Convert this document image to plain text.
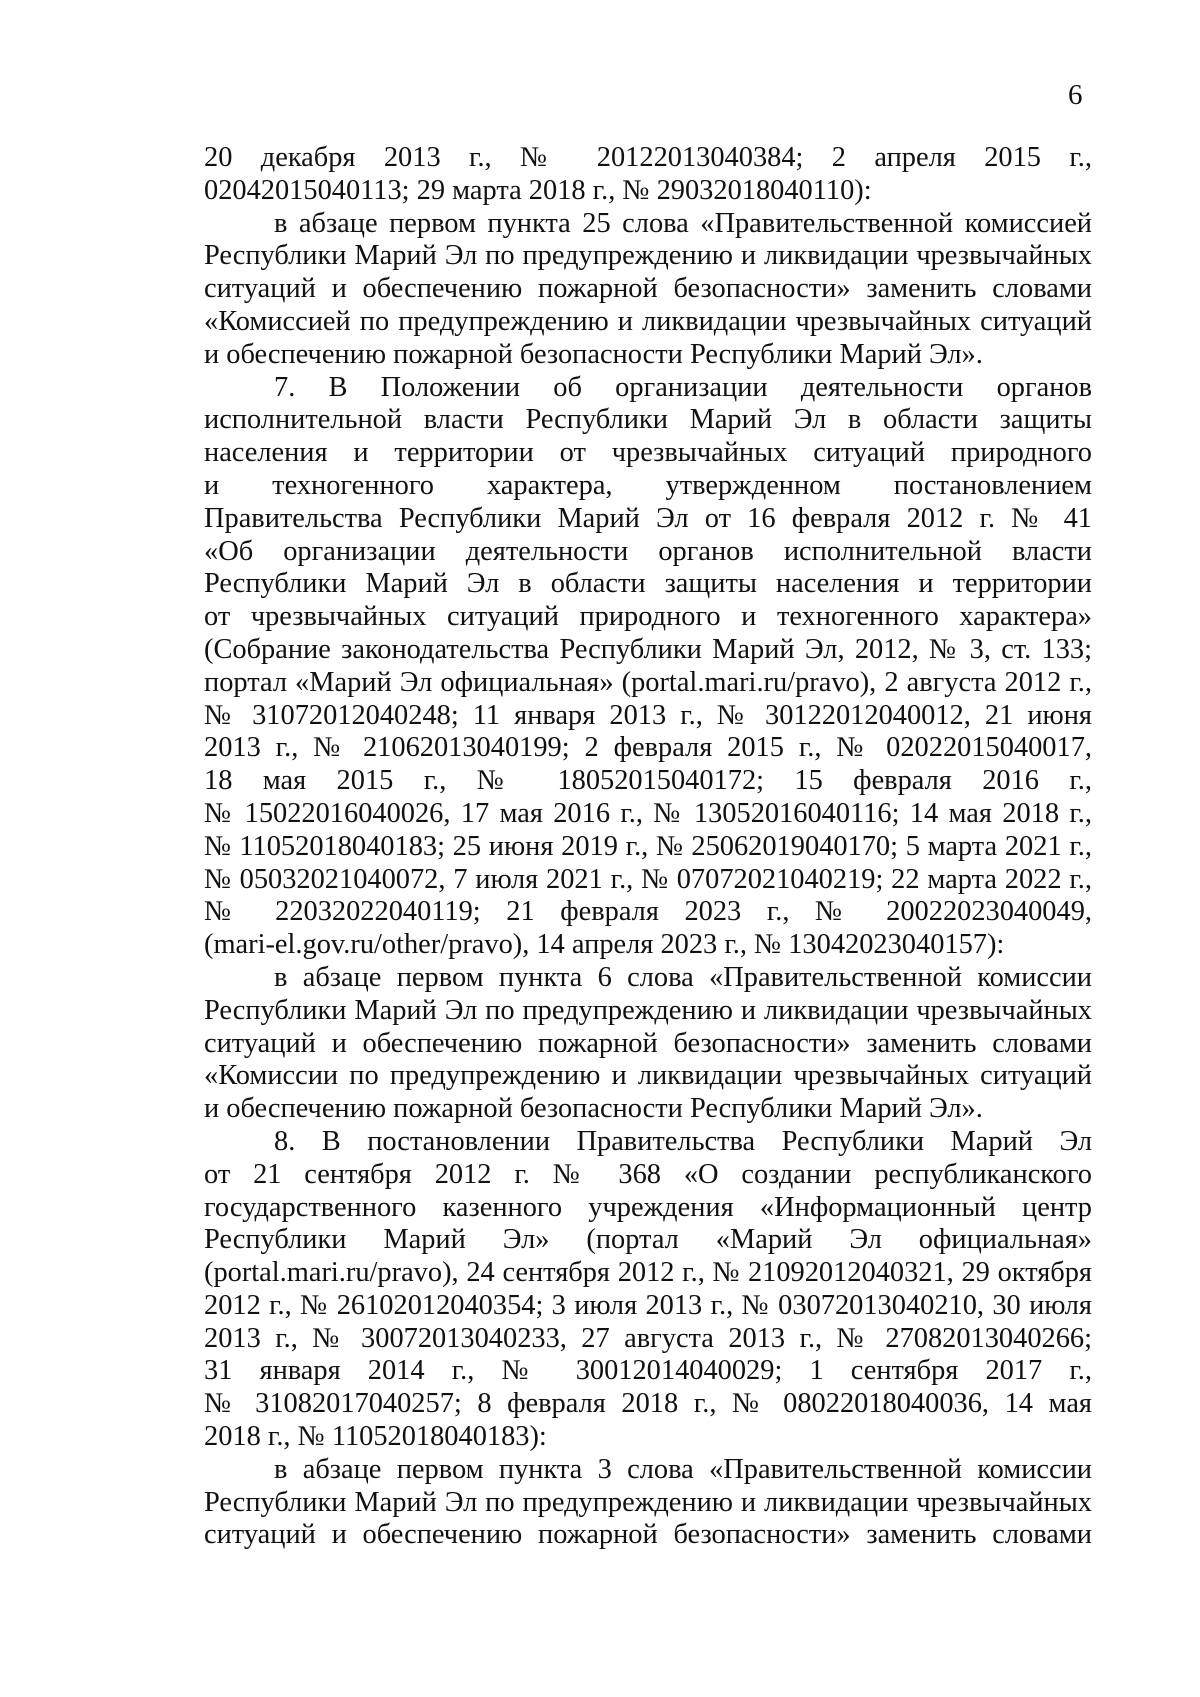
6
20 декабря 2013 г., № 20122013040384; 2 апреля 2015 г.,
02042015040113; 29 марта 2018 г., № 29032018040110):
в абзаце первом пункта 25 слова «Правительственной комиссией
Республики Марий Эл по предупреждению и ликвидации чрезвычайных
ситуаций и обеспечению пожарной безопасности» заменить словами
«Комиссией по предупреждению и ликвидации чрезвычайных ситуаций
и обеспечению пожарной безопасности Республики Марий Эл».
7. В Положении об организации деятельности органов
исполнительной власти Республики Марий Эл в области защиты
населения и территории от чрезвычайных ситуаций природного
и техногенного характера, утвержденном постановлением
Правительства Республики Марий Эл от 16 февраля 2012 г. № 41
«Об организации деятельности органов исполнительной власти
Республики Марий Эл в области защиты населения и территории
от чрезвычайных ситуаций природного и техногенного характера»
(Собрание законодательства Республики Марий Эл, 2012, № 3, ст. 133;
портал «Марий Эл официальная» (portal.mari.ru/pravo), 2 августа 2012 г.,
№ 31072012040248; 11 января 2013 г., № 30122012040012, 21 июня
2013 г., № 21062013040199; 2 февраля 2015 г., № 02022015040017,
18 мая 2015 г., № 18052015040172; 15 февраля 2016 г.,
№ 15022016040026, 17 мая 2016 г., № 13052016040116; 14 мая 2018 г.,
№ 11052018040183; 25 июня 2019 г., № 25062019040170; 5 марта 2021 г.,
№ 05032021040072, 7 июля 2021 г., № 07072021040219; 22 марта 2022 г.,
№ 22032022040119; 21 февраля 2023 г., № 20022023040049,
(mari-el.gov.ru/other/pravo), 14 апреля 2023 г., № 13042023040157):
в абзаце первом пункта 6 слова «Правительственной комиссии
Республики Марий Эл по предупреждению и ликвидации чрезвычайных
ситуаций и обеспечению пожарной безопасности» заменить словами
«Комиссии по предупреждению и ликвидации чрезвычайных ситуаций
и обеспечению пожарной безопасности Республики Марий Эл».
8. В постановлении Правительства Республики Марий Эл
от 21 сентября 2012 г. № 368 «О создании республиканского
государственного казенного учреждения «Информационный центр
Республики Марий Эл» (портал «Марий Эл официальная»
(portal.mari.ru/pravo), 24 сентября 2012 г., № 21092012040321, 29 октября
2012 г., № 26102012040354; 3 июля 2013 г., № 03072013040210, 30 июля
2013 г., № 30072013040233, 27 августа 2013 г., № 27082013040266;
31 января 2014 г., № 30012014040029; 1 сентября 2017 г.,
№ 31082017040257; 8 февраля 2018 г., № 08022018040036, 14 мая
2018 г., № 11052018040183):
в абзаце первом пункта 3 слова «Правительственной комиссии
Республики Марий Эл по предупреждению и ликвидации чрезвычайных
ситуаций и обеспечению пожарной безопасности» заменить словами
